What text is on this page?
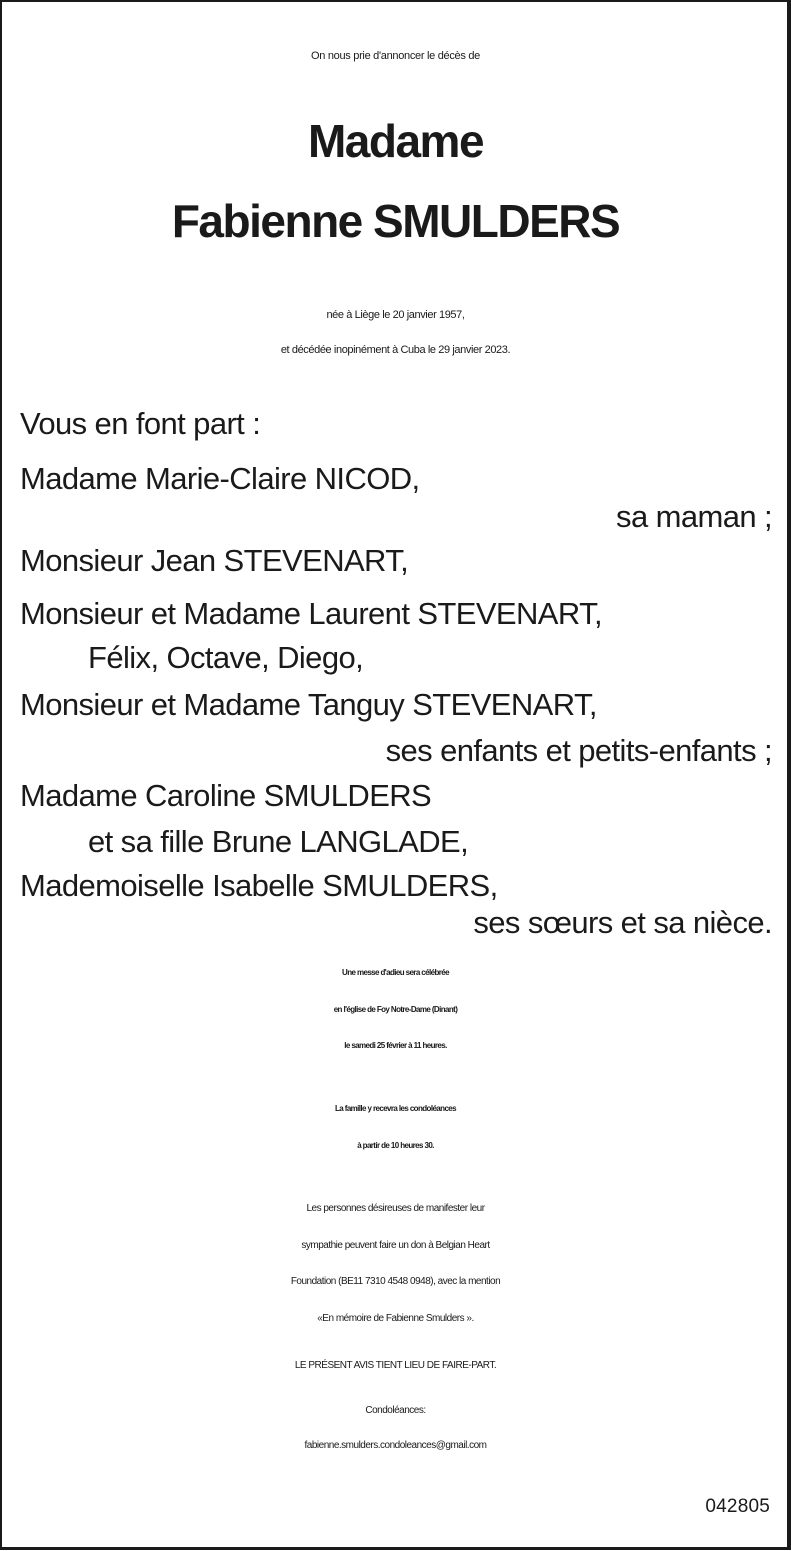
On nous prie d'annoncer le décès de
Madame
Fabienne SMULDERS
née à Liège le 20 janvier 1957,
et décédée inopinément à Cuba le 29 janvier 2023.
Vous en font part :
Madame Marie-Claire NICOD,
sa maman ;
Monsieur Jean STEVENART,
Monsieur et Madame Laurent STEVENART,
Félix, Octave, Diego,
Monsieur et Madame Tanguy STEVENART,
ses enfants et petits-enfants ;
Madame Caroline SMULDERS
et sa fille Brune LANGLADE,
Mademoiselle Isabelle SMULDERS,
ses sœurs et sa nièce.
Une messe d'adieu sera célébrée
en l'église de Foy Notre-Dame (Dinant)
le samedi 25 février à 11 heures.
La famille y recevra les condoléances
à partir de 10 heures 30.
Les personnes désireuses de manifester leur
sympathie peuvent faire un don à Belgian Heart
Foundation (BE11 7310 4548 0948), avec la mention
«En mémoire de Fabienne Smulders ».
LE PRÉSENT AVIS TIENT LIEU DE FAIRE-PART.
Condoléances:
fabienne.smulders.condoleances@gmail.com
042805
